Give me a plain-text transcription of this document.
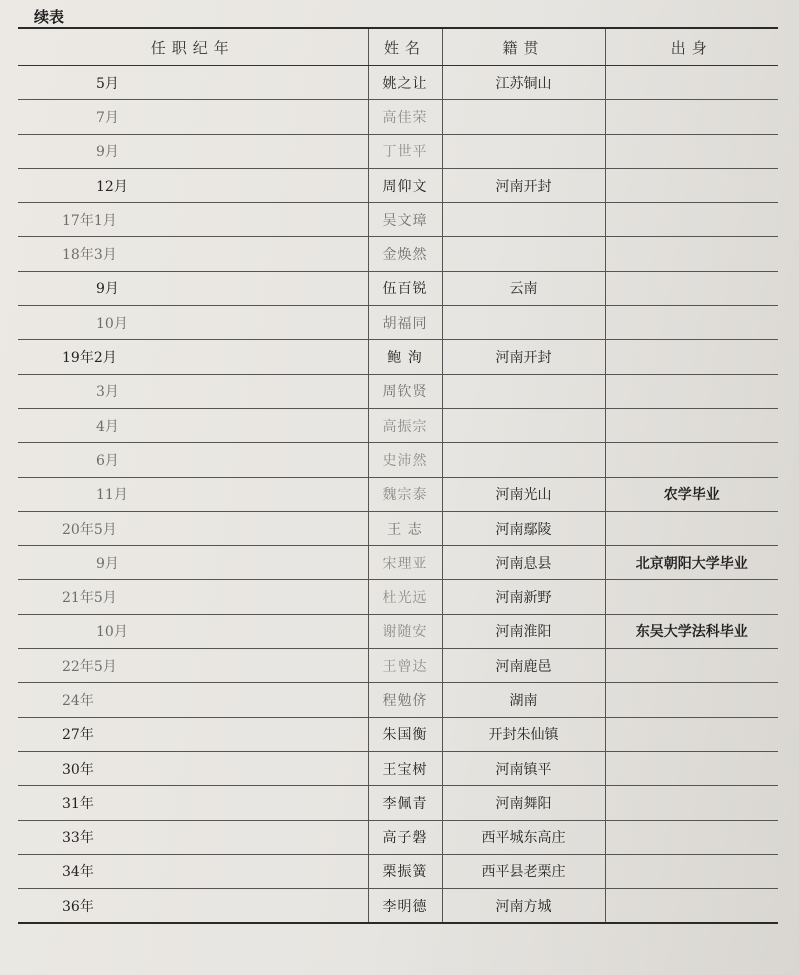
续表
任职纪年	姓名	籍贯	出身
5月	姚之让	江苏铜山	
7月	高佳荣		
9月	丁世平		
12月	周仰文	河南开封	
17年1月	吴文璋		
18年3月	金焕然		
9月	伍百锐	云南	
10月	胡福同		
19年2月	鲍 洵	河南开封	
3月	周钦贤		
4月	高振宗		
6月	史沛然		
11月	魏宗泰	河南光山	农学毕业
20年5月	王 志	河南鄢陵	
9月	宋理亚	河南息县	北京朝阳大学毕业
21年5月	杜光远	河南新野	
10月	谢随安	河南淮阳	东吴大学法科毕业
22年5月	王曾达	河南鹿邑	
24年	程勉侪	湖南	
27年	朱国衡	开封朱仙镇	
30年	王宝树	河南镇平	
31年	李佩青	河南舞阳	
33年	高子磐	西平城东高庄	
34年	栗振簧	西平县老栗庄	
36年	李明德	河南方城	
